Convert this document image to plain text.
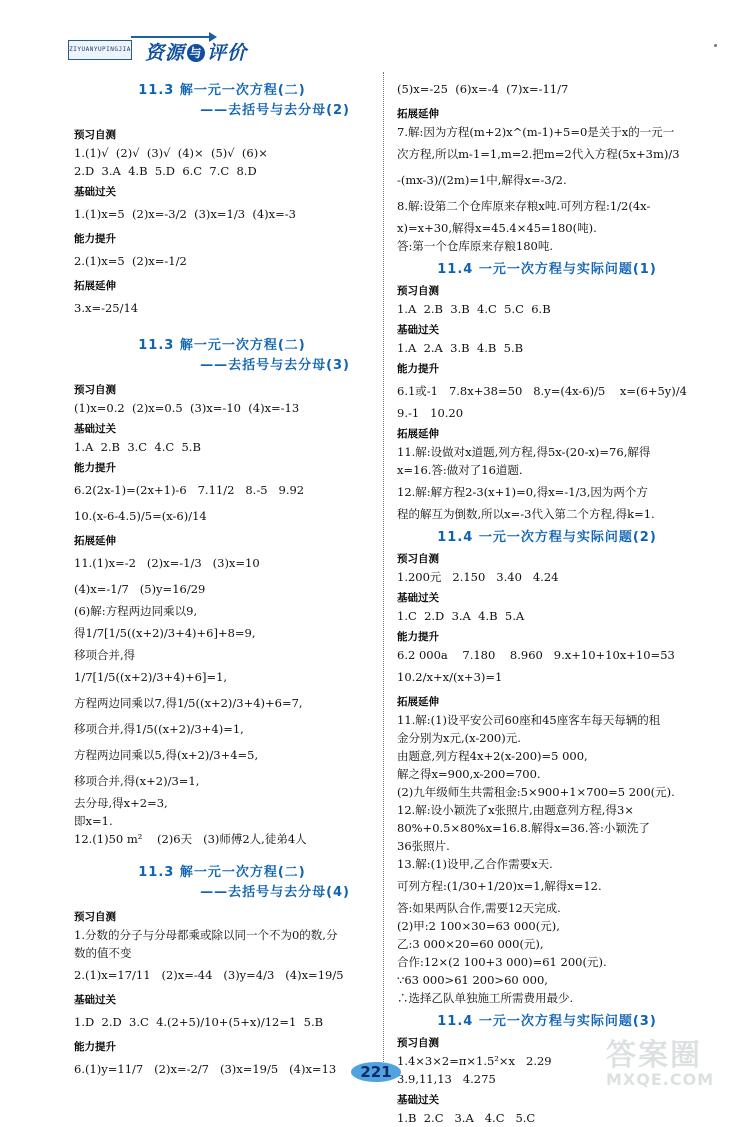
ZIYUANYUPINGJIA 资源 与 评价
11.3 解一元一次方程(二)
——去括号与去分母(2)
预习自测
1.(1)√  (2)√  (3)√  (4)×  (5)√  (6)×
2.D  3.A  4.B  5.D  6.C  7.C  8.D
基础过关
1.(1)x=5  (2)x=-3/2  (3)x=1/3  (4)x=-3
能力提升
2.(1)x=5  (2)x=-1/2
拓展延伸
3.x=-25/14
11.3 解一元一次方程(二)
——去括号与去分母(3)
预习自测
(1)x=0.2  (2)x=0.5  (3)x=-10  (4)x=-13
基础过关
1.A  2.B  3.C  4.C  5.B
能力提升
6.2(2x-1)=(2x+1)-6   7.11/2   8.-5   9.92
10.(x-6-4.5)/5=(x-6)/14
拓展延伸
11.(1)x=-2   (2)x=-1/3   (3)x=10
(4)x=-1/7   (5)y=16/29
(6)解:方程两边同乘以9,
得1/7[1/5((x+2)/3+4)+6]+8=9,
移项合并,得
1/7[1/5((x+2)/3+4)+6]=1,
方程两边同乘以7,得1/5((x+2)/3+4)+6=7,
移项合并,得1/5((x+2)/3+4)=1,
方程两边同乘以5,得(x+2)/3+4=5,
移项合并,得(x+2)/3=1,
去分母,得x+2=3,
即x=1.
12.(1)50 m²    (2)6天   (3)师傅2人,徒弟4人
11.3 解一元一次方程(二)
——去括号与去分母(4)
预习自测
1.分数的分子与分母都乘或除以同一个不为0的数,分
数的值不变
2.(1)x=17/11   (2)x=-44   (3)y=4/3   (4)x=19/5
基础过关
1.D  2.D  3.C  4.(2+5)/10+(5+x)/12=1  5.B
能力提升
6.(1)y=11/7   (2)x=-2/7   (3)x=19/5   (4)x=13
(5)x=-25  (6)x=-4  (7)x=-11/7
拓展延伸
7.解:因为方程(m+2)x^(m-1)+5=0是关于x的一元一
次方程,所以m-1=1,m=2.把m=2代入方程(5x+3m)/3
-(mx-3)/(2m)=1中,解得x=-3/2.
8.解:设第二个仓库原来存粮x吨.可列方程:1/2(4x-
x)=x+30,解得x=45.4×45=180(吨).
答:第一个仓库原来存粮180吨.
11.4 一元一次方程与实际问题(1)
预习自测
1.A  2.B  3.B  4.C  5.C  6.B
基础过关
1.A  2.A  3.B  4.B  5.B
能力提升
6.1或-1   7.8x+38=50   8.y=(4x-6)/5    x=(6+5y)/4
9.-1   10.20
拓展延伸
11.解:设做对x道题,列方程,得5x-(20-x)=76,解得
x=16.答:做对了16道题.
12.解:解方程2-3(x+1)=0,得x=-1/3,因为两个方
程的解互为倒数,所以x=-3代入第二个方程,得k=1.
11.4 一元一次方程与实际问题(2)
预习自测
1.200元   2.150   3.40   4.24
基础过关
1.C  2.D  3.A  4.B  5.A
能力提升
6.2 000a    7.180    8.960   9.x+10+10x+10=53
10.2/x+x/(x+3)=1
拓展延伸
11.解:(1)设平安公司60座和45座客车每天每辆的租
金分别为x元,(x-200)元.
由题意,列方程4x+2(x-200)=5 000,
解之得x=900,x-200=700.
(2)九年级师生共需租金:5×900+1×700=5 200(元).
12.解:设小颖洗了x张照片,由题意列方程,得3×
80%+0.5×80%x=16.8.解得x=36.答:小颖洗了
36张照片.
13.解:(1)设甲,乙合作需要x天.
可列方程:(1/30+1/20)x=1,解得x=12.
答:如果两队合作,需要12天完成.
(2)甲:2 100×30=63 000(元),
乙:3 000×20=60 000(元),
合作:12×(2 100+3 000)=61 200(元).
∵63 000>61 200>60 000,
∴选择乙队单独施工所需费用最少.
11.4 一元一次方程与实际问题(3)
预习自测
1.4×3×2=π×1.5²×x   2.29
3.9,11,13   4.275
基础过关
1.B  2.C   3.A   4.C   5.C
221	答案圈
MXQE.COM
